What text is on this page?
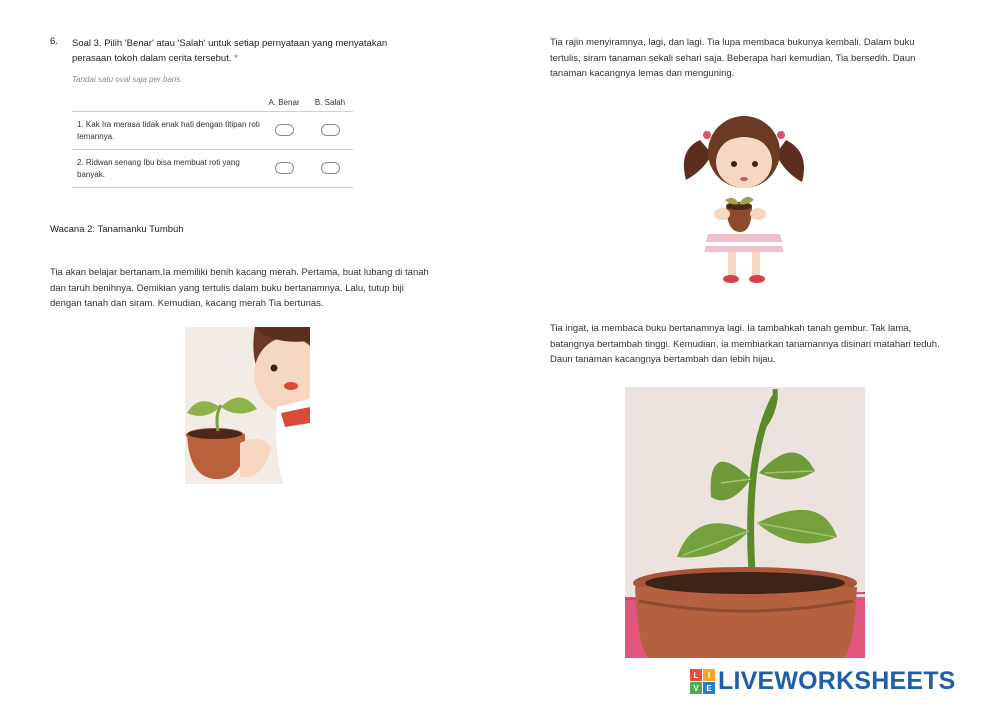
6. Soal 3. Pilih 'Benar' atau 'Salah' untuk setiap pernyataan yang menyatakan perasaan tokoh dalam cerita tersebut. *
Tandai satu oval saja per baris.
	A. Benar	B. Salah
1. Kak Ira merasa tidak enak hati dengan titipan roti temannya.		
2. Ridwan senang Ibu bisa membuat roti yang banyak.		
Wacana 2: Tanamanku Tumbuh
Tia akan belajar bertanam.Ia memiliki benih kacang merah. Pertama, buat lubang di tanah dan taruh benihnya. Demikian yang tertulis dalam buku bertanamnya. Lalu, tutup biji dengan tanah dan siram. Kemudian, kacang merah Tia bertunas.
Tia rajin menyiramnya, lagi, dan lagi. Tia lupa membaca bukunya kembali. Dalam buku tertulis, siram tanaman sekali sehari saja. Beberapa hari kemudian, Tia bersedih. Daun tanaman kacangnya lemas dan menguning.
Tia ingat, ia membaca buku bertanamnya lagi. Ia tambahkah tanah gembur. Tak lama, batangnya bertambah tinggi. Kemudian, ia membiarkan tanamannya disinari matahari teduh. Daun tanaman kacangnya bertambah dan lebih hijau.
L	I
V E LIVEWORKSHEETS
